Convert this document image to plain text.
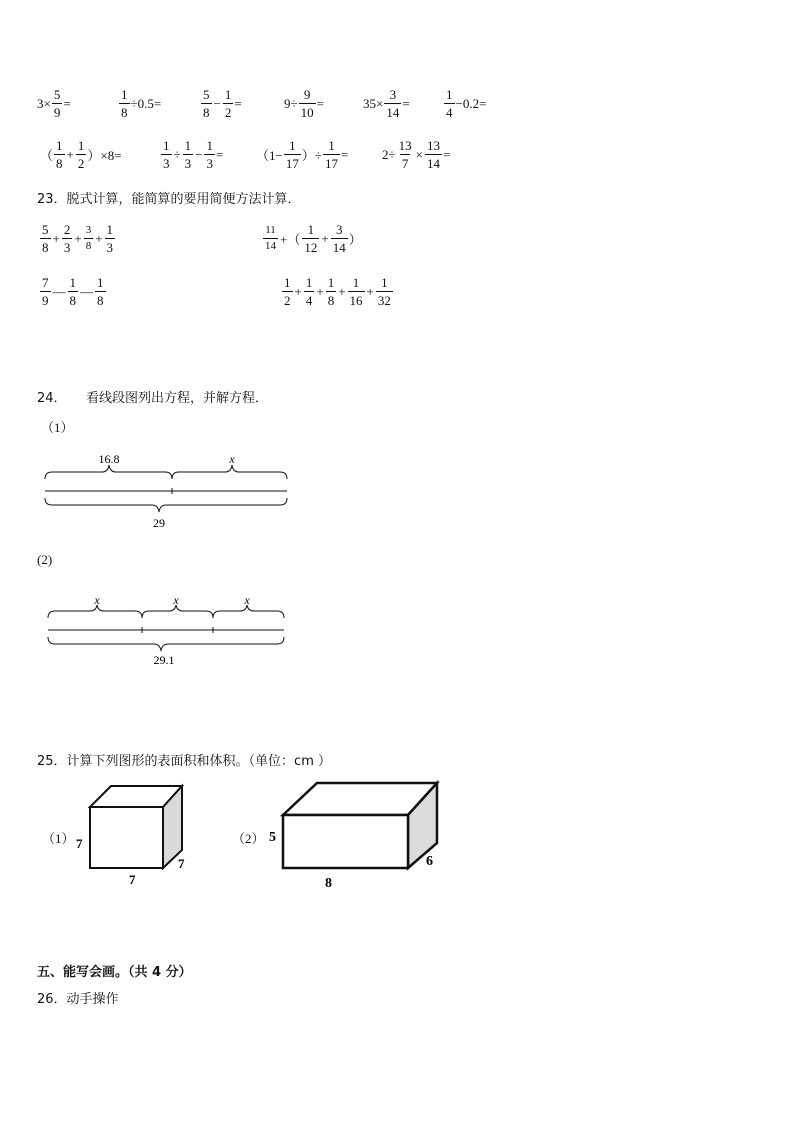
$3\times \frac{5}{9}$ =	$\frac{1}{8} \div 0.5=$	$\frac{5}{8} - \frac{1}{2}$ =	$9\div \frac{9}{10}$ =	$35\times \frac{3}{14}$ =	$\frac{1}{4} -0.2=$
（ $\frac{1}{8} + \frac{1}{2} )\times 8=$	$\frac{1}{3} \div \frac{1}{3} - \frac{1}{3}$ =	（$1- \frac{1}{17}$ ）÷ $\frac{1}{17}$ =	$2\div \frac{13}{7} \times \frac{13}{14}$ =
23．脱式计算，能简算的要用简便方法计算．
$\frac{5}{8} + \frac{2}{3} + \frac{3}{8} + \frac{1}{3}$	$\frac{11}{14}$ +（ $\frac{1}{12} + \frac{3}{14}$ ）
$\frac{7}{9}$ — $\frac{1}{8}$ — $\frac{1}{8}$	$\frac{1}{2} + \frac{1}{4} + \frac{1}{8} + \frac{1}{16} + \frac{1}{32}$
24．　　看线段图列出方程，并解方程．
（1）
16.8	x
29
(2)
x	x	x
29.1
25．计算下列图形的表面积和体积。（单位：cm ）
（1） 7
7
7
（2） 5
8
6
五、能写会画。（共 4 分）
26．动手操作
